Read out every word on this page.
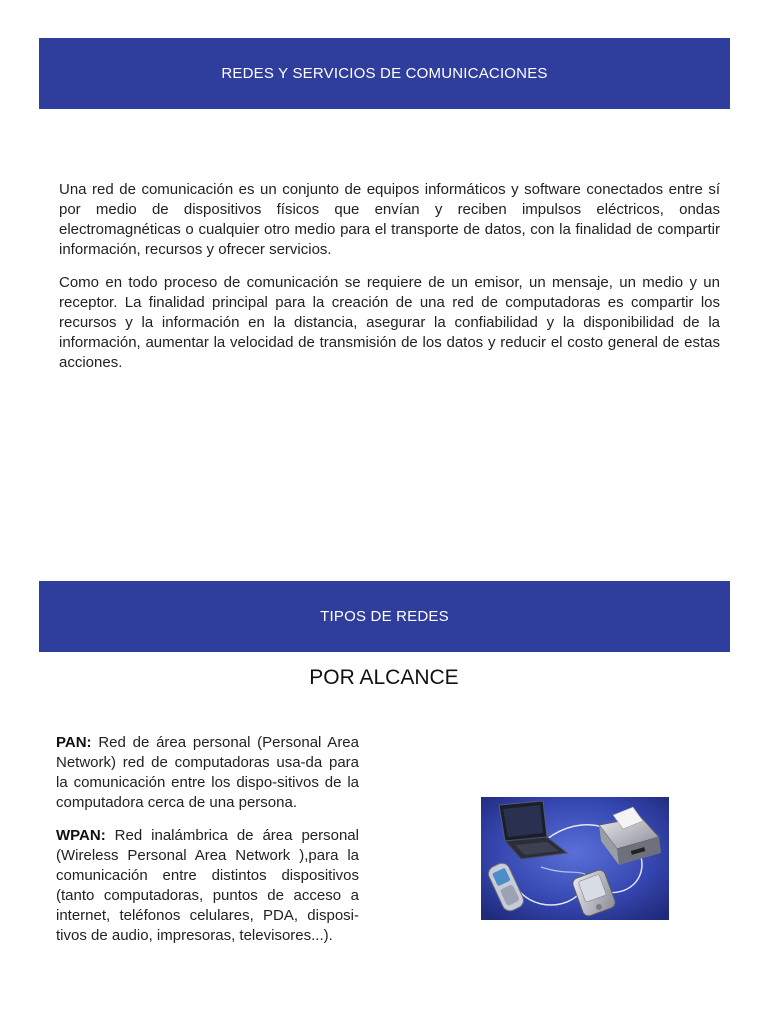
REDES Y SERVICIOS DE COMUNICACIONES

Una red de comunicación es un conjunto de equipos informáticos y software conectados entre sí por medio de dispositivos físicos que envían y reciben impulsos eléctricos, ondas electromagnéticas o cualquier otro medio para el transporte de datos, con la finalidad de compartir información, recursos y ofrecer servicios.

Como en todo proceso de comunicación se requiere de un emisor, un mensaje, un medio y un receptor. La finalidad principal para la creación de una red de computadoras es compartir los recursos y la información en la distancia, asegurar la confiabilidad y la disponibilidad de la información, aumentar la velocidad de transmisión de los datos y reducir el costo general de estas acciones.

TIPOS DE REDES
POR ALCANCE

PAN: Red de área personal (Personal Area Network) red de computadoras usa-da para la comunicación entre los dispo-sitivos de la computadora cerca de una persona.

WPAN: Red inalámbrica de área personal (Wireless Personal Area Network ),para la comunicación entre distintos dispositivos (tanto computadoras, puntos de acceso a internet, teléfonos celulares, PDA, disposi-tivos de audio, impresoras, televisores...).
